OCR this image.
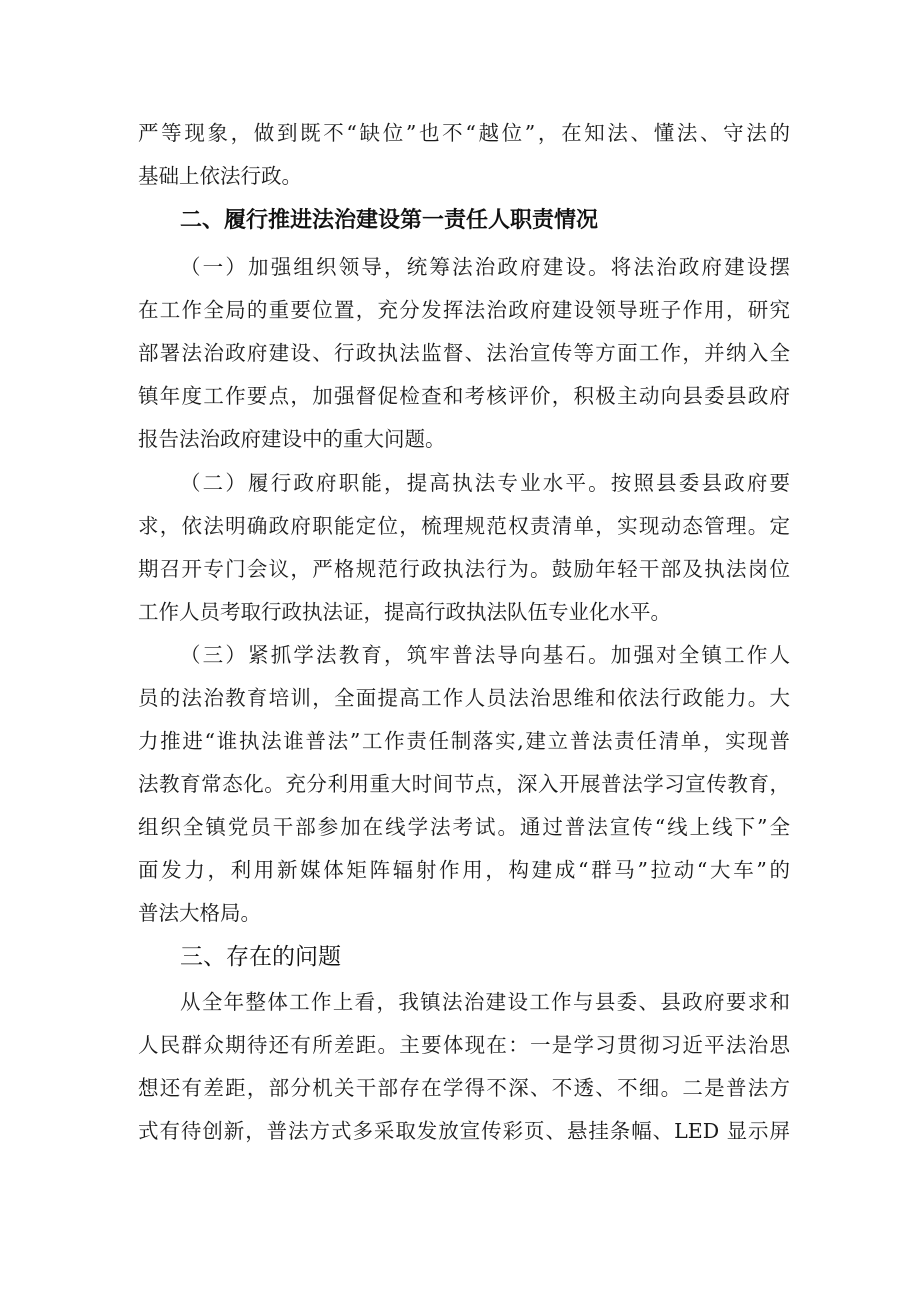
严等现象，做到既不“缺位”也不“越位”，在知法、懂法、守法的

基础上依法行政。

二、履行推进法治建设第一责任人职责情况

（一）加强组织领导，统筹法治政府建设。将法治政府建设摆

在工作全局的重要位置，充分发挥法治政府建设领导班子作用，研究

部署法治政府建设、行政执法监督、法治宣传等方面工作，并纳入全

镇年度工作要点，加强督促检查和考核评价，积极主动向县委县政府

报告法治政府建设中的重大问题。

（二）履行政府职能，提高执法专业水平。按照县委县政府要

求，依法明确政府职能定位，梳理规范权责清单，实现动态管理。定

期召开专门会议，严格规范行政执法行为。鼓励年轻干部及执法岗位

工作人员考取行政执法证，提高行政执法队伍专业化水平。

（三）紧抓学法教育，筑牢普法导向基石。加强对全镇工作人

员的法治教育培训，全面提高工作人员法治思维和依法行政能力。大

力推进“谁执法谁普法”工作责任制落实,建立普法责任清单，实现普

法教育常态化。充分利用重大时间节点，深入开展普法学习宣传教育，

组织全镇党员干部参加在线学法考试。通过普法宣传“线上线下”全

面发力，利用新媒体矩阵辐射作用，构建成“群马”拉动“大车”的

普法大格局。

三、存在的问题

从全年整体工作上看，我镇法治建设工作与县委、县政府要求和

人民群众期待还有所差距。主要体现在：一是学习贯彻习近平法治思

想还有差距，部分机关干部存在学得不深、不透、不细。二是普法方

式有待创新，普法方式多采取发放宣传彩页、悬挂条幅、LED 显示屏
